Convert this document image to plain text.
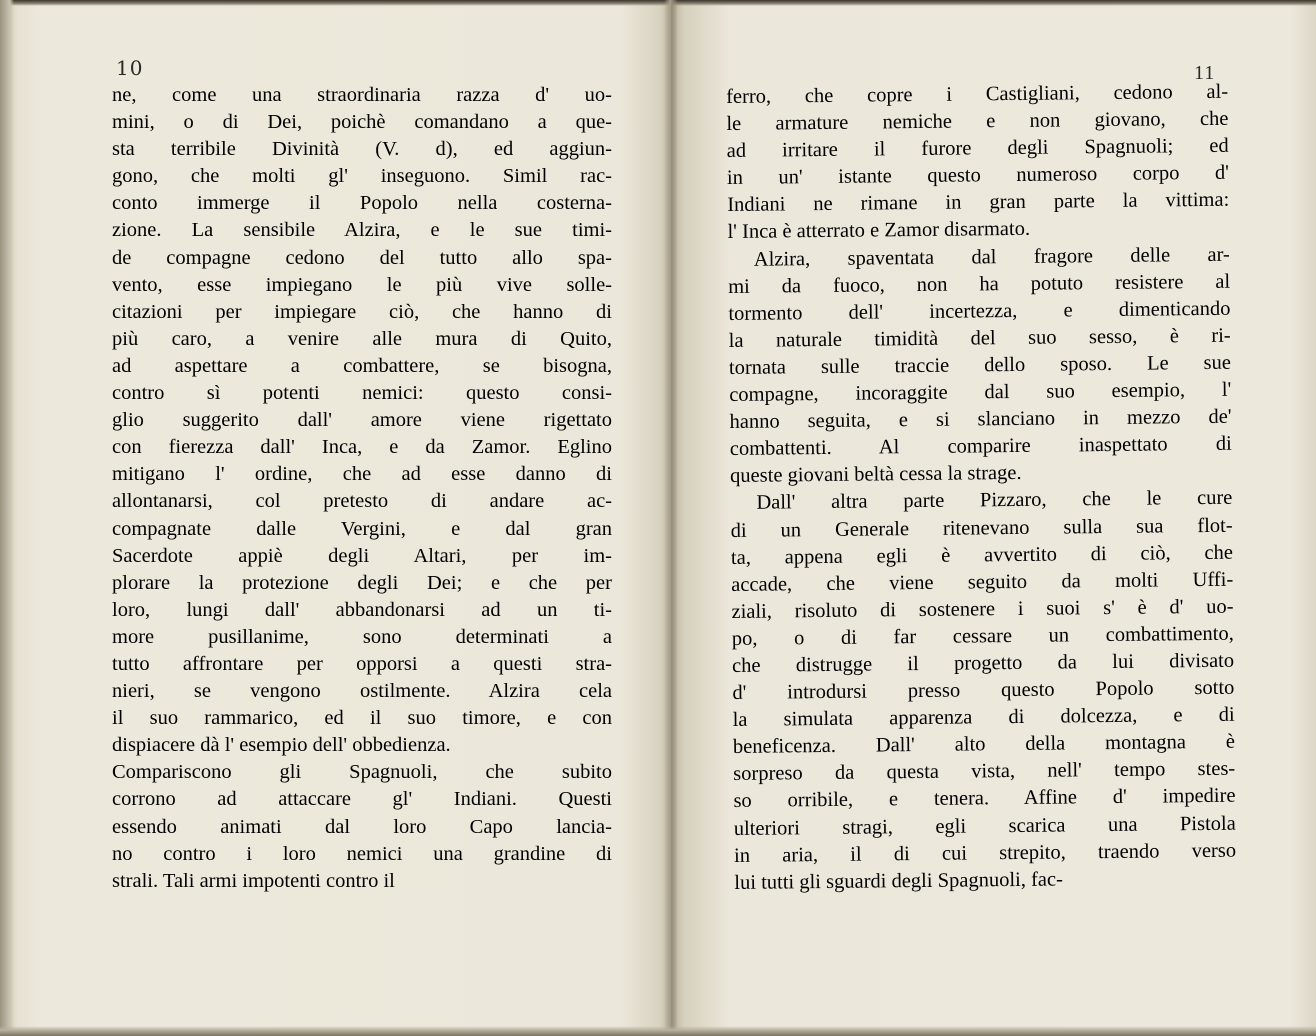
10
ne, come una straordinaria razza d' uo-
mini, o di Dei, poichè comandano a que-
sta terribile Divinità (V. d), ed aggiun-
gono, che molti gl' inseguono. Simil rac-
conto immerge il Popolo nella costerna-
zione. La sensibile Alzira, e le sue timi-
de compagne cedono del tutto allo spa-
vento, esse impiegano le più vive solle-
citazioni per impiegare ciò, che hanno di
più caro, a venire alle mura di Quito,
ad aspettare a combattere, se bisogna,
contro sì potenti nemici: questo consi-
glio suggerito dall' amore viene rigettato
con fierezza dall' Inca, e da Zamor. Eglino
mitigano l' ordine, che ad esse danno di
allontanarsi, col pretesto di andare ac-
compagnate dalle Vergini, e dal gran
Sacerdote appiè degli Altari, per im-
plorare la protezione degli Dei; e che per
loro, lungi dall' abbandonarsi ad un ti-
more pusillanime, sono determinati a
tutto affrontare per opporsi a questi stra-
nieri, se vengono ostilmente. Alzira cela
il suo rammarico, ed il suo timore, e con
dispiacere dà l' esempio dell' obbedienza.
Compariscono gli Spagnuoli, che subito
corrono ad attaccare gl' Indiani. Questi
essendo animati dal loro Capo lancia-
no contro i loro nemici una grandine di
strali. Tali armi impotenti contro il
11
ferro, che copre i Castigliani, cedono al-
le armature nemiche e non giovano, che
ad irritare il furore degli Spagnuoli; ed
in un' istante questo numeroso corpo d'
Indiani ne rimane in gran parte la vittima:
l' Inca è atterrato e Zamor disarmato.
Alzira, spaventata dal fragore delle ar-
mi da fuoco, non ha potuto resistere al
tormento dell' incertezza, e dimenticando
la naturale timidità del suo sesso, è ri-
tornata sulle traccie dello sposo. Le sue
compagne, incoraggite dal suo esempio, l'
hanno seguita, e si slanciano in mezzo de'
combattenti. Al comparire inaspettato di
queste giovani beltà cessa la strage.
Dall' altra parte Pizzaro, che le cure
di un Generale ritenevano sulla sua flot-
ta, appena egli è avvertito di ciò, che
accade, che viene seguito da molti Uffi-
ziali, risoluto di sostenere i suoi s' è d' uo-
po, o di far cessare un combattimento,
che distrugge il progetto da lui divisato
d' introdursi presso questo Popolo sotto
la simulata apparenza di dolcezza, e di
beneficenza. Dall' alto della montagna è
sorpreso da questa vista, nell' tempo stes-
so orribile, e tenera. Affine d' impedire
ulteriori stragi, egli scarica una Pistola
in aria, il di cui strepito, traendo verso
lui tutti gli sguardi degli Spagnuoli, fac-
